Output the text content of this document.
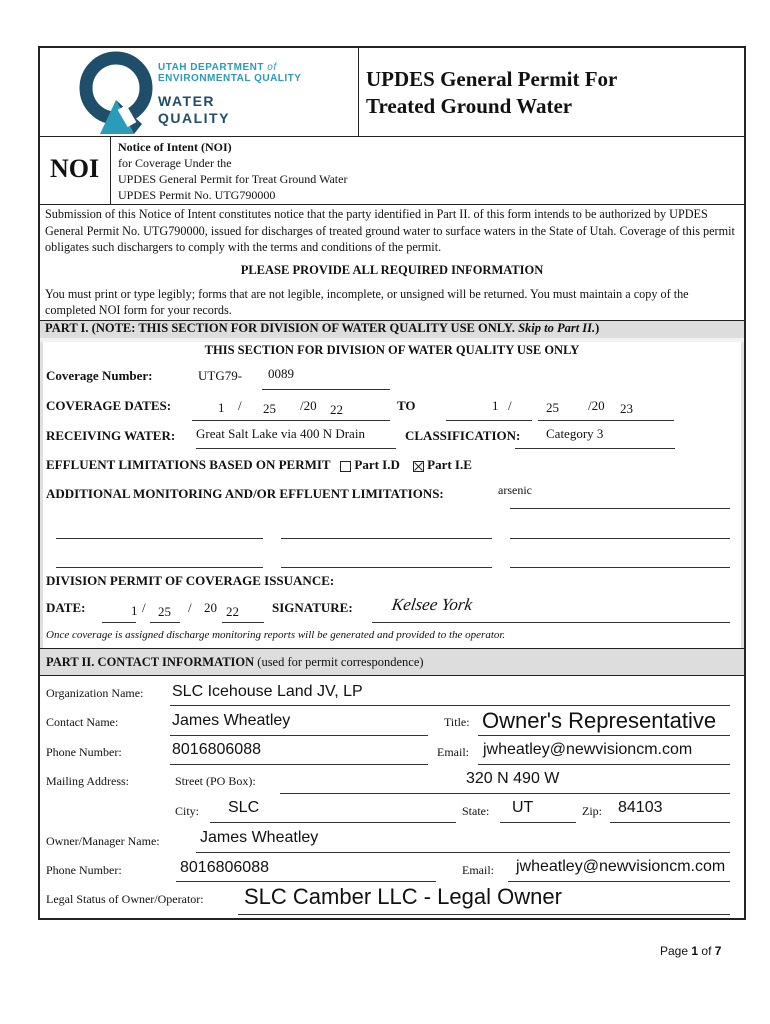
UTAH DEPARTMENT of
ENVIRONMENTAL QUALITY
WATER
QUALITY
UPDES General Permit For
Treated Ground Water
NOI
Notice of Intent (NOI)
for Coverage Under the
UPDES General Permit for Treat Ground Water
UPDES Permit No. UTG790000
Submission of this Notice of Intent constitutes notice that the party identified in Part II. of this form intends to be authorized by UPDES General Permit No. UTG790000, issued for discharges of treated ground water to surface waters in the State of Utah. Coverage of this permit obligates such dischargers to comply with the terms and conditions of the permit.
PLEASE PROVIDE ALL REQUIRED INFORMATION
You must print or type legibly; forms that are not legible, incomplete, or unsigned will be returned. You must maintain a copy of the completed NOI form for your records.
PART I. (NOTE: THIS SECTION FOR DIVISION OF WATER QUALITY USE ONLY. Skip to Part II.)
THIS SECTION FOR DIVISION OF WATER QUALITY USE ONLY
Coverage Number:	UTG79- 0089
COVERAGE DATES:	1 / 25 /20 22	TO	1 /	25 /20 23
RECEIVING WATER: Great Salt Lake via 400 N Drain	CLASSIFICATION: Category 3
EFFLUENT LIMITATIONS BASED ON PERMIT Part I.D Part I.E
ADDITIONAL MONITORING AND/OR EFFLUENT LIMITATIONS:	arsenic
DIVISION PERMIT OF COVERAGE ISSUANCE:
DATE:	1 / 25 / 20 22	SIGNATURE: Kelsee York
Once coverage is assigned discharge monitoring reports will be generated and provided to the operator.
PART II. CONTACT INFORMATION (used for permit correspondence)
Organization Name: SLC Icehouse Land JV, LP
Contact Name:	James Wheatley	Title: Owner's Representative
Phone Number:	8016806088	Email: jwheatley@newvisioncm.com
Mailing Address:	Street (PO Box):	320 N 490 W
City: SLC	State: UT	Zip: 84103
Owner/Manager Name:	James Wheatley
Phone Number:	8016806088	Email: jwheatley@newvisioncm.com
Legal Status of Owner/Operator: SLC Camber LLC - Legal Owner
Page 1 of 7
